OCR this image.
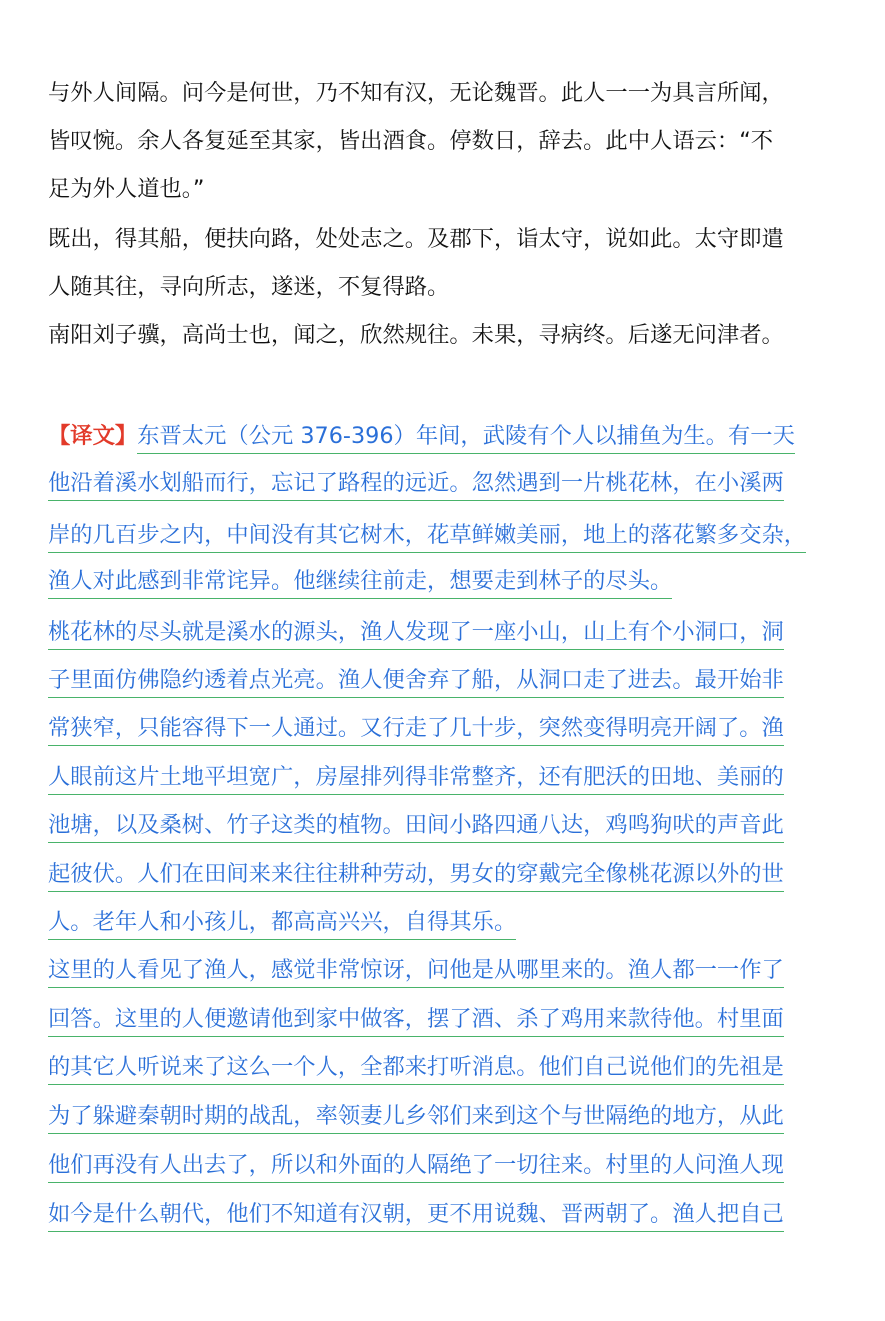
与外人间隔。问今是何世，乃不知有汉，无论魏晋。此人一一为具言所闻，
皆叹惋。余人各复延至其家，皆出酒食。停数日，辞去。此中人语云：“不
足为外人道也。”
既出，得其船，便扶向路，处处志之。及郡下，诣太守，说如此。太守即遣
人随其往，寻向所志，遂迷，不复得路。
南阳刘子骥，高尚士也，闻之，欣然规往。未果，寻病终。后遂无问津者。
【译文】东晋太元（公元 376-396）年间，武陵有个人以捕鱼为生。有一天
他沿着溪水划船而行，忘记了路程的远近。忽然遇到一片桃花林，在小溪两
岸的几百步之内，中间没有其它树木，花草鲜嫩美丽，地上的落花繁多交杂，
渔人对此感到非常诧异。他继续往前走，想要走到林子的尽头。
桃花林的尽头就是溪水的源头，渔人发现了一座小山，山上有个小洞口，洞
子里面仿佛隐约透着点光亮。渔人便舍弃了船，从洞口走了进去。最开始非
常狭窄，只能容得下一人通过。又行走了几十步，突然变得明亮开阔了。渔
人眼前这片土地平坦宽广，房屋排列得非常整齐，还有肥沃的田地、美丽的
池塘，以及桑树、竹子这类的植物。田间小路四通八达，鸡鸣狗吠的声音此
起彼伏。人们在田间来来往往耕种劳动，男女的穿戴完全像桃花源以外的世
人。老年人和小孩儿，都高高兴兴，自得其乐。
这里的人看见了渔人，感觉非常惊讶，问他是从哪里来的。渔人都一一作了
回答。这里的人便邀请他到家中做客，摆了酒、杀了鸡用来款待他。村里面
的其它人听说来了这么一个人，全都来打听消息。他们自己说他们的先祖是
为了躲避秦朝时期的战乱，率领妻儿乡邻们来到这个与世隔绝的地方，从此
他们再没有人出去了，所以和外面的人隔绝了一切往来。村里的人问渔人现
如今是什么朝代，他们不知道有汉朝，更不用说魏、晋两朝了。渔人把自己
